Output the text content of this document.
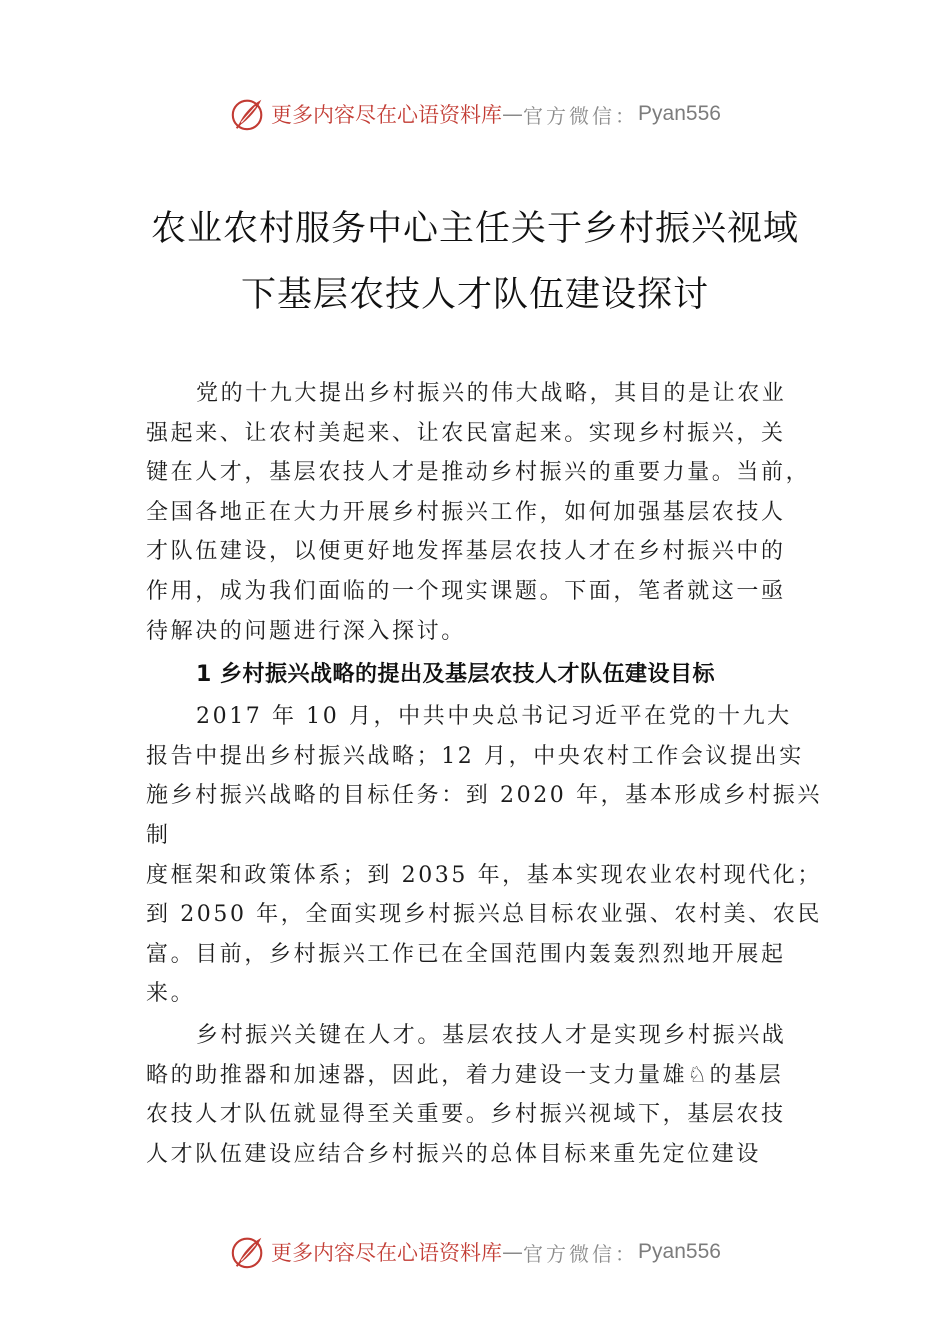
更多内容尽在心语资料库 — 官方微信： Pyan556
农业农村服务中心主任关于乡村振兴视域
下基层农技人才队伍建设探讨

党的十九大提出乡村振兴的伟大战略，其目的是让农业
强起来、让农村美起来、让农民富起来。实现乡村振兴，关
键在人才，基层农技人才是推动乡村振兴的重要力量。当前，
全国各地正在大力开展乡村振兴工作，如何加强基层农技人
才队伍建设，以便更好地发挥基层农技人才在乡村振兴中的
作用，成为我们面临的一个现实课题。下面，笔者就这一亟
待解决的问题进行深入探讨。

1 乡村振兴战略的提出及基层农技人才队伍建设目标

2017 年 10 月，中共中央总书记习近平在党的十九大
报告中提出乡村振兴战略；12 月，中央农村工作会议提出实
施乡村振兴战略的目标任务：到 2020 年，基本形成乡村振兴
制
度框架和政策体系；到 2035 年，基本实现农业农村现代化；
到 2050 年，全面实现乡村振兴总目标农业强、农村美、农民
富。目前，乡村振兴工作已在全国范围内轰轰烈烈地开展起
来。

乡村振兴关键在人才。基层农技人才是实现乡村振兴战
略的助推器和加速器，因此，着力建设一支力量雄♘的基层
农技人才队伍就显得至关重要。乡村振兴视域下，基层农技
人才队伍建设应结合乡村振兴的总体目标来重先定位建设

更多内容尽在心语资料库 — 官方微信： Pyan556
